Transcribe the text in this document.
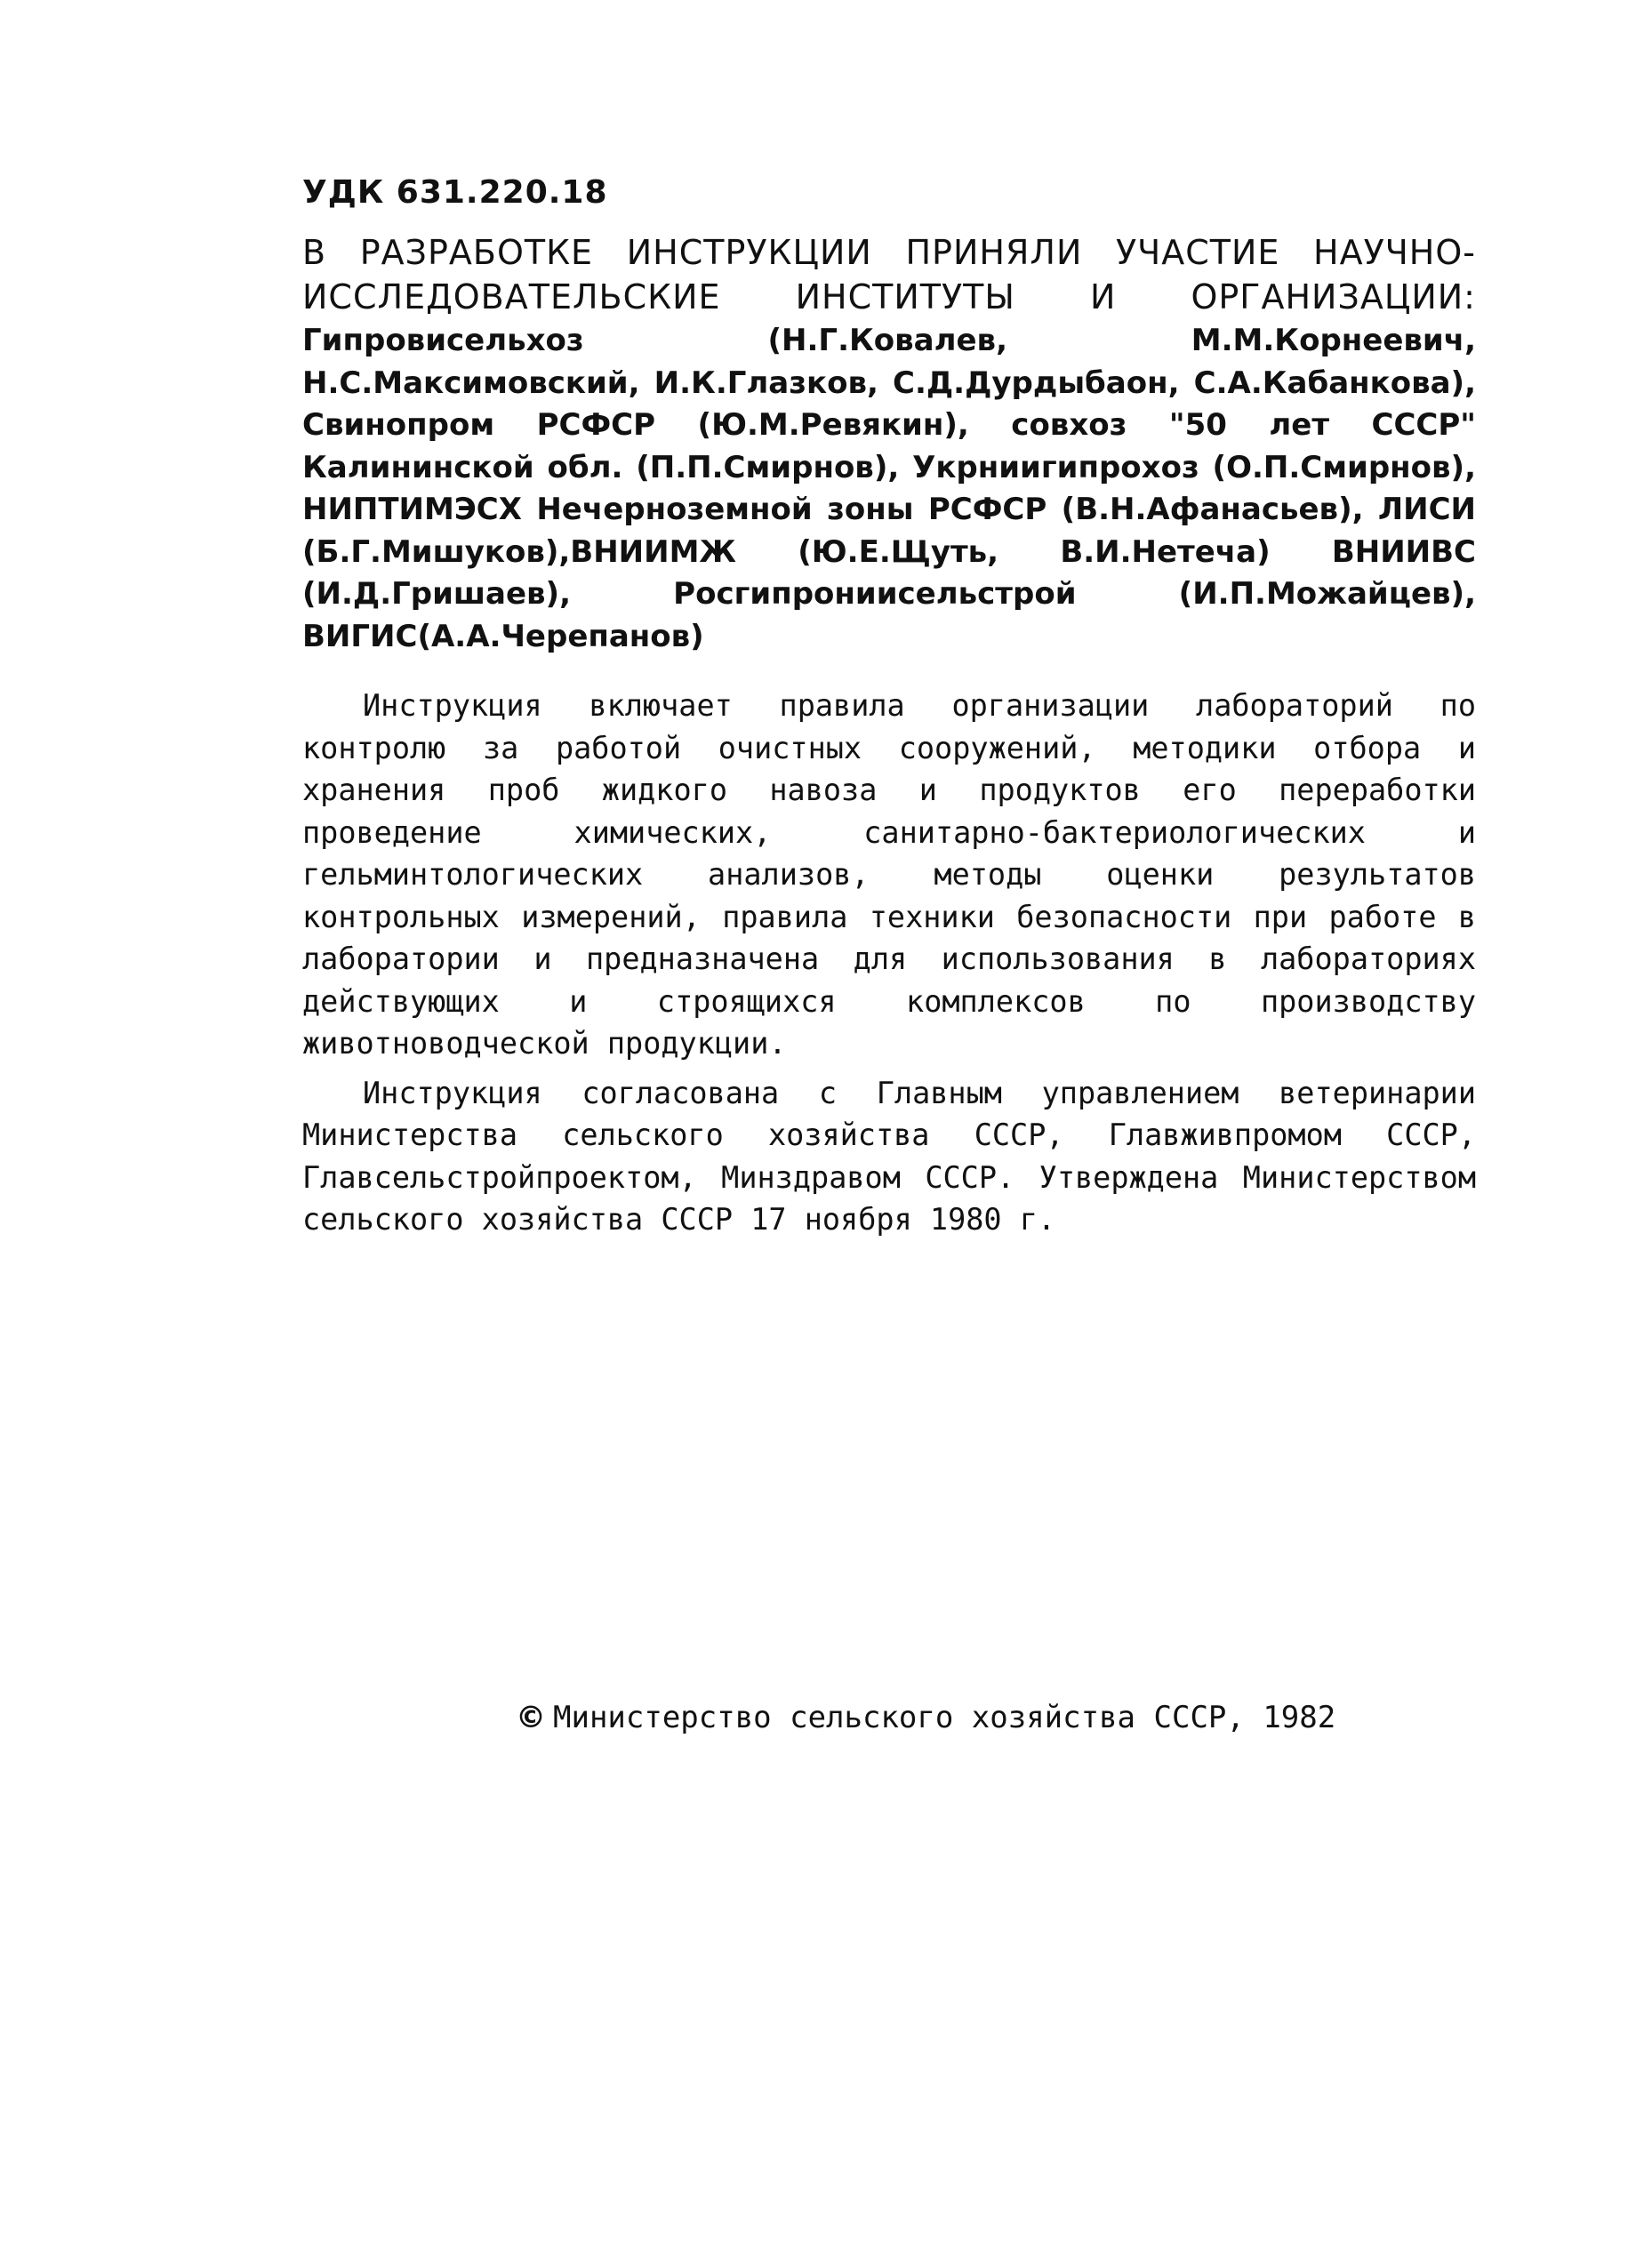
УДК 631.220.18

В РАЗРАБОТКЕ ИНСТРУКЦИИ ПРИНЯЛИ УЧАСТИЕ НАУЧНО-ИССЛЕДОВАТЕЛЬСКИЕ ИНСТИТУТЫ И ОРГАНИЗАЦИИ: Гипровисельхоз (Н.Г.Ковалев, М.М.Корнеевич, Н.С.Максимовский, И.К.Глазков, С.Д.Дурдыбаон, С.А.Кабанкова), Свинопром РСФСР (Ю.М.Ревякин), совхоз "50 лет СССР" Калининской обл. (П.П.Смирнов), Укрниигипрохоз (О.П.Смирнов), НИПТИМЭСХ Нечерноземной зоны РСФСР (В.Н.Афанасьев), ЛИСИ (Б.Г.Мишуков),ВНИИМЖ (Ю.Е.Щуть, В.И.Нетеча) ВНИИВС (И.Д.Гришаев), Росгипрониисельстрой (И.П.Можайцев), ВИГИС(А.А.Черепанов)

Инструкция включает правила организации лабораторий по контролю за работой очистных сооружений, методики отбора и хранения проб жидкого навоза и продуктов его переработки проведение химических, санитарно-бактериологических и гельминтологических анализов, методы оценки результатов контрольных измерений, правила техники безопасности при работе в лаборатории и предназначена для использования в лабораториях действующих и строящихся комплексов по производству животноводческой продукции.

Инструкция согласована с Главным управлением ветеринарии Министерства сельского хозяйства СССР, Главживпромом СССР, Главсельстройпроектом, Минздравом СССР. Утверждена Министерством сельского хозяйства СССР 17 ноября 1980 г.

© Министерство сельского хозяйства СССР, 1982
